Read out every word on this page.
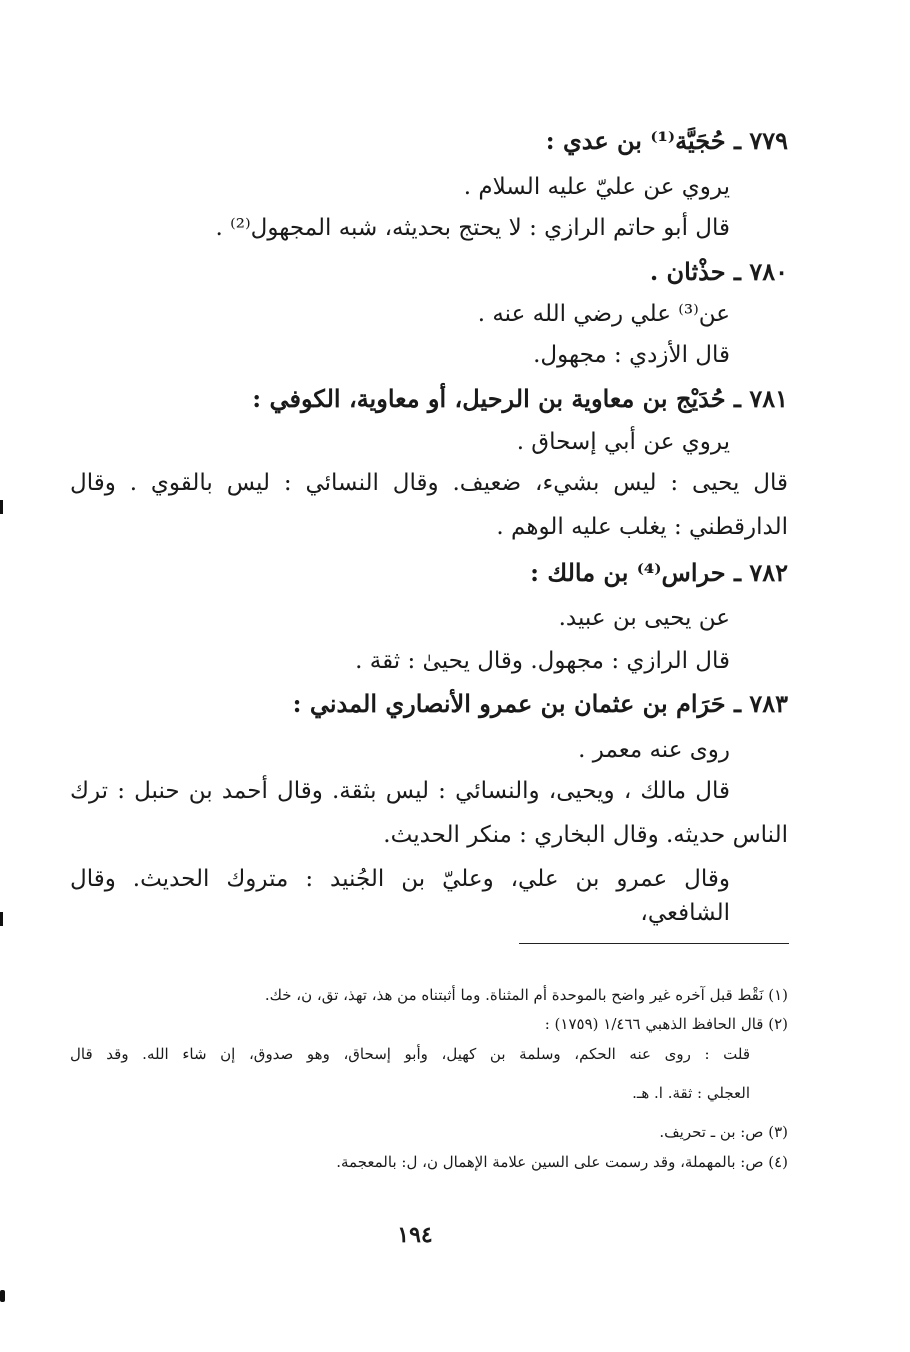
٧٧٩ ـ حُجَيَّة⁽¹⁾ بن عدي :
يروي عن عليّ عليه السلام .
قال أبو حاتم الرازي : لا يحتج بحديثه، شبه المجهول⁽²⁾ .
٧٨٠ ـ حذْثان .
عن⁽³⁾ علي رضي الله عنه .
قال الأزدي : مجهول.
٧٨١ ـ حُدَيْج بن معاوية بن الرحيل، أو معاوية، الكوفي :
يروي عن أبي إسحاق .
قال يحيى : ليس بشيء، ضعيف. وقال النسائي : ليس بالقوي . وقال
الدارقطني : يغلب عليه الوهم .
٧٨٢ ـ حراس⁽⁴⁾ بن مالك :
عن يحيى بن عبيد.
قال الرازي : مجهول. وقال يحيىٰ : ثقة .
٧٨٣ ـ حَرَام بن عثمان بن عمرو الأنصاري المدني :
روى عنه معمر .
قال مالك ، ويحيى، والنسائي : ليس بثقة. وقال أحمد بن حنبل : ترك
الناس حديثه. وقال البخاري : منكر الحديث.
وقال عمرو بن علي، وعليّ بن الجُنيد : متروك الحديث. وقال الشافعي،
(١) نَقْط قبل آخره غير واضح بالموحدة أم المثناة. وما أثبتناه من هذ، تهذ، تق، ن، خك.
(٢) قال الحافظ الذهبي ١/٤٦٦ (١٧٥٩) :
قلت : روى عنه الحكم، وسلمة بن كهيل، وأبو إسحاق، وهو صدوق، إن شاء الله. وقد قال
العجلي : ثقة. ا. هـ.
(٣) ص: بن ـ تحريف.
(٤) ص: بالمهملة، وقد رسمت على السين علامة الإهمال ن، ل: بالمعجمة.
١٩٤
